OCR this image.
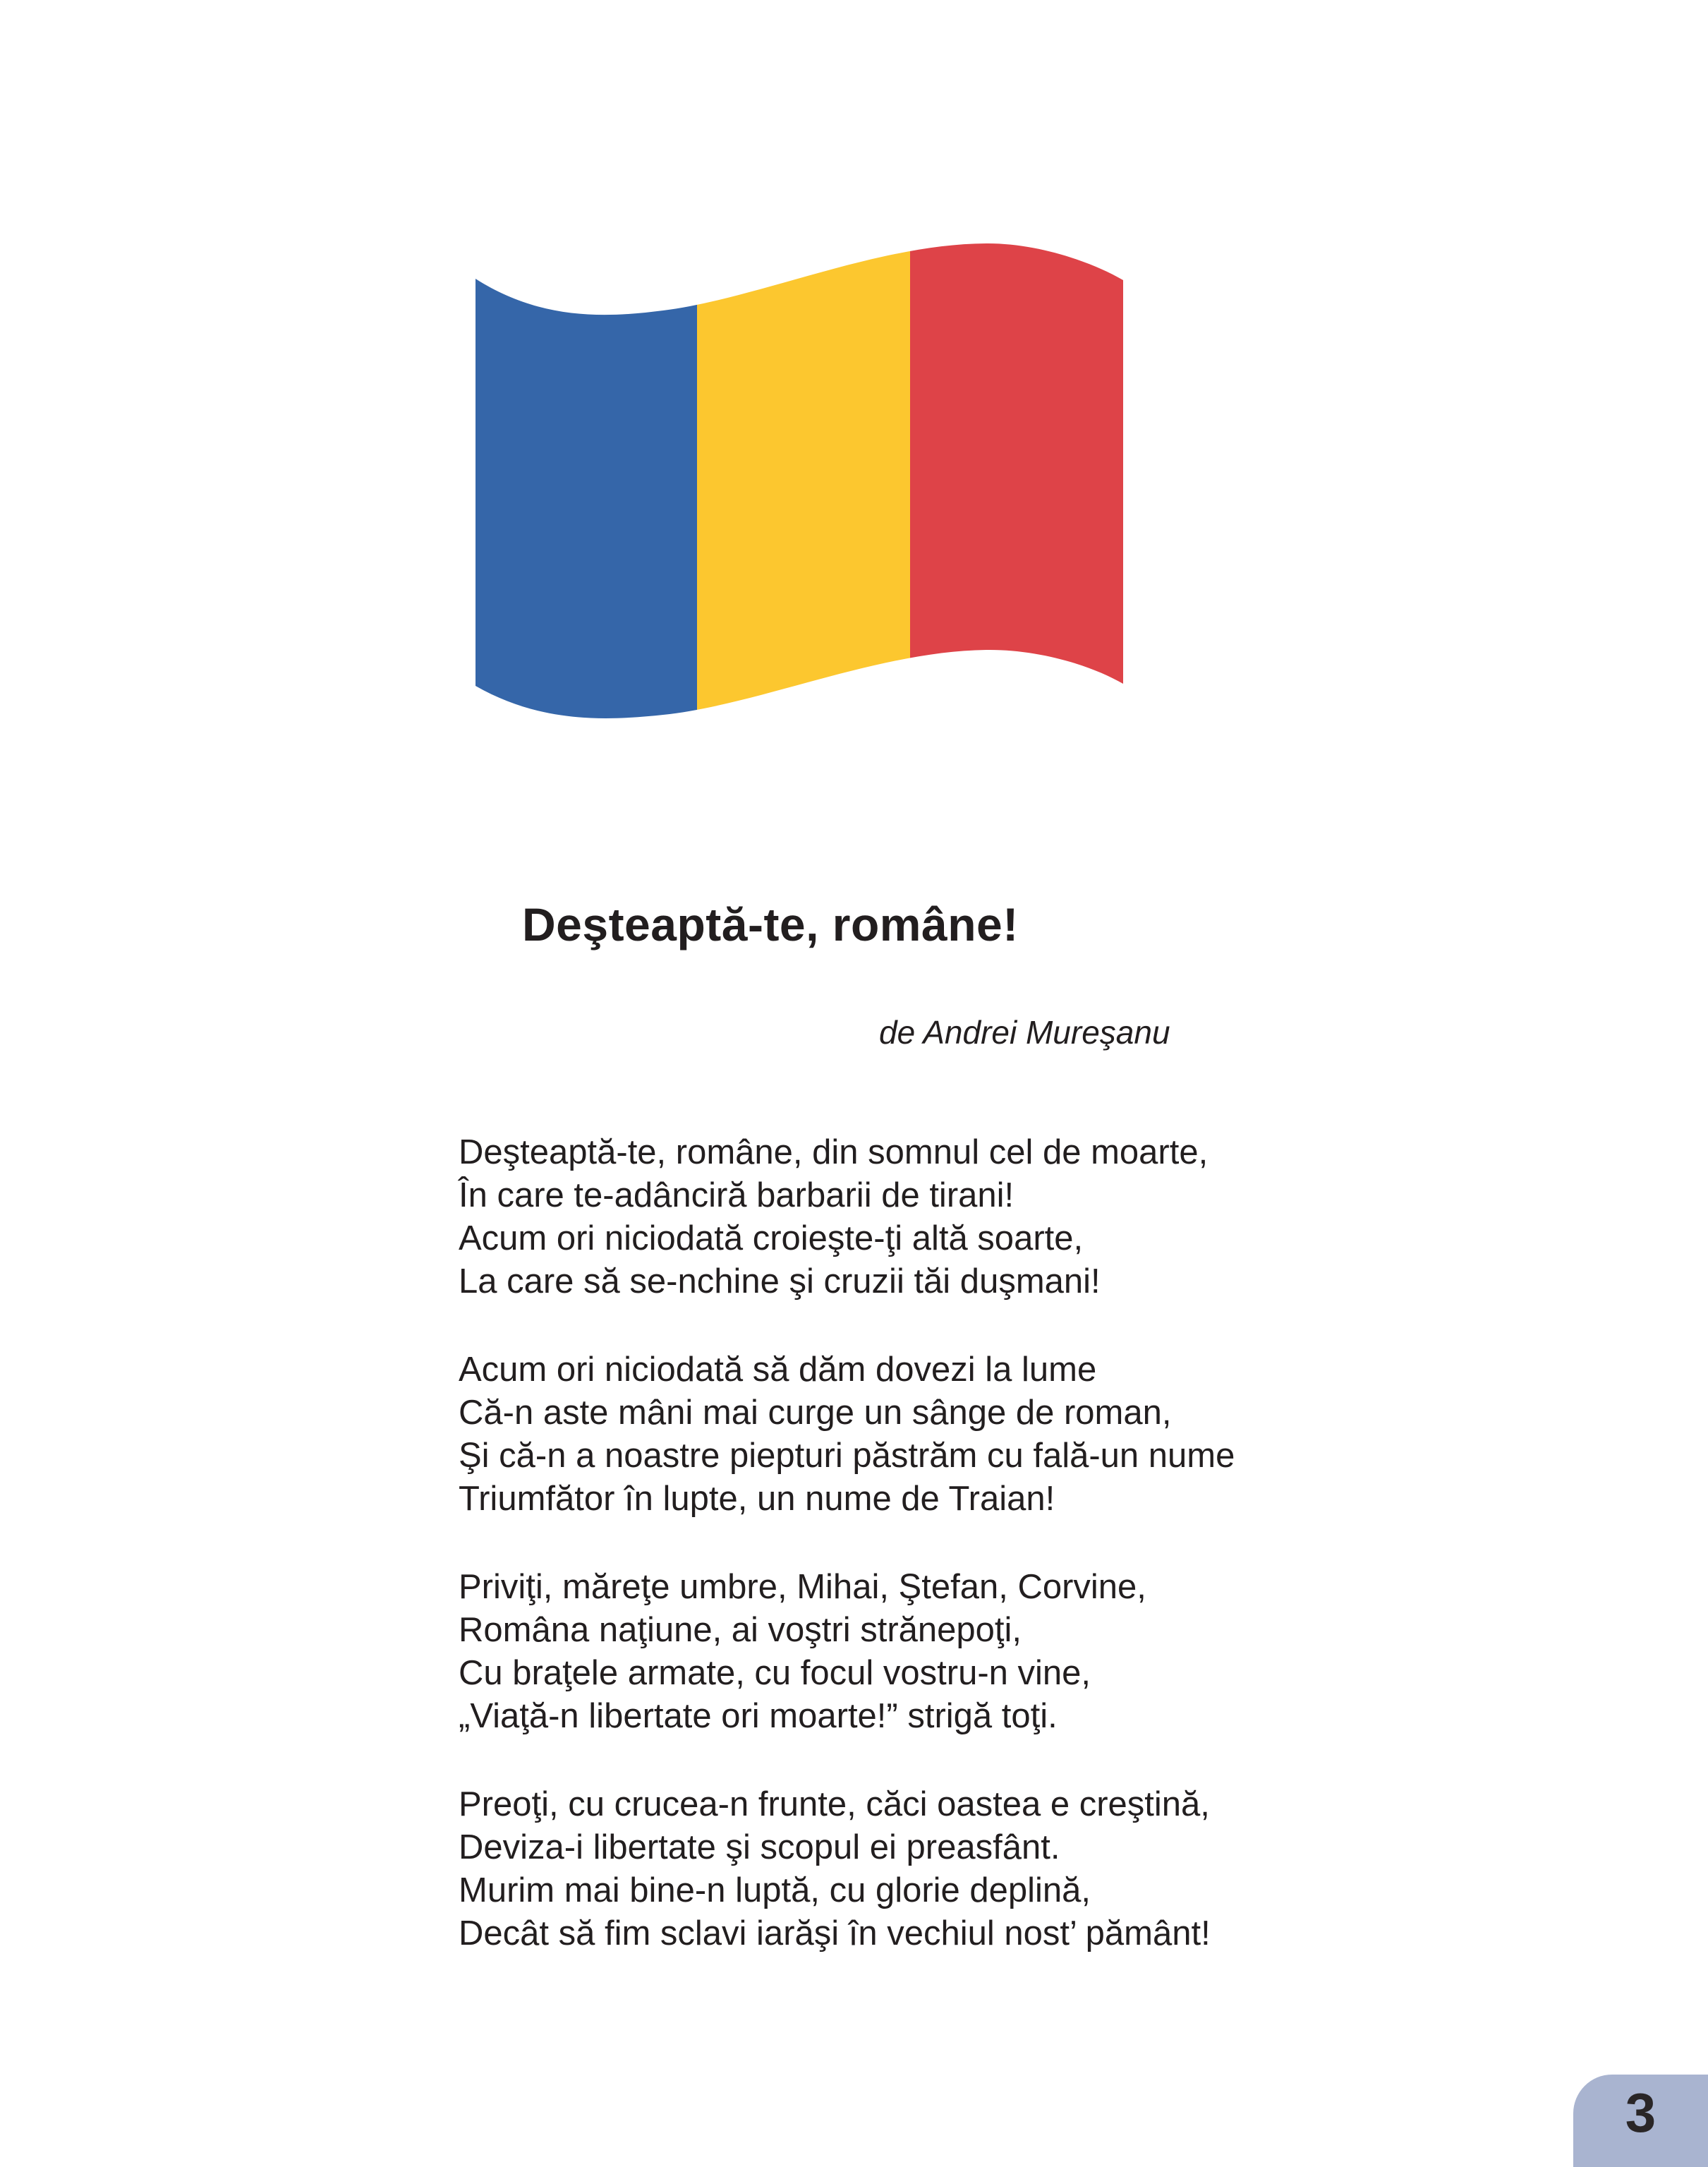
Deşteaptă-te, române!
de Andrei Mureşanu
Deşteaptă-te, române, din somnul cel de moarte,
În care te-adânciră barbarii de tirani!
Acum ori niciodată croieşte-ţi altă soarte,
La care să se-nchine şi cruzii tăi duşmani!
Acum ori niciodată să dăm dovezi la lume
Că-n aste mâni mai curge un sânge de roman,
Şi că-n a noastre piepturi păstrăm cu fală-un nume
Triumfător în lupte, un nume de Traian!
Priviţi, măreţe umbre, Mihai, Ştefan, Corvine,
Româna naţiune, ai voştri strănepoţi,
Cu braţele armate, cu focul vostru-n vine,
„Viaţă-n libertate ori moarte!” strigă toţi.
Preoţi, cu crucea-n frunte, căci oastea e creştină,
Deviza-i libertate şi scopul ei preasfânt.
Murim mai bine-n luptă, cu glorie deplină,
Decât să fim sclavi iarăşi în vechiul nost’ pământ!
3
